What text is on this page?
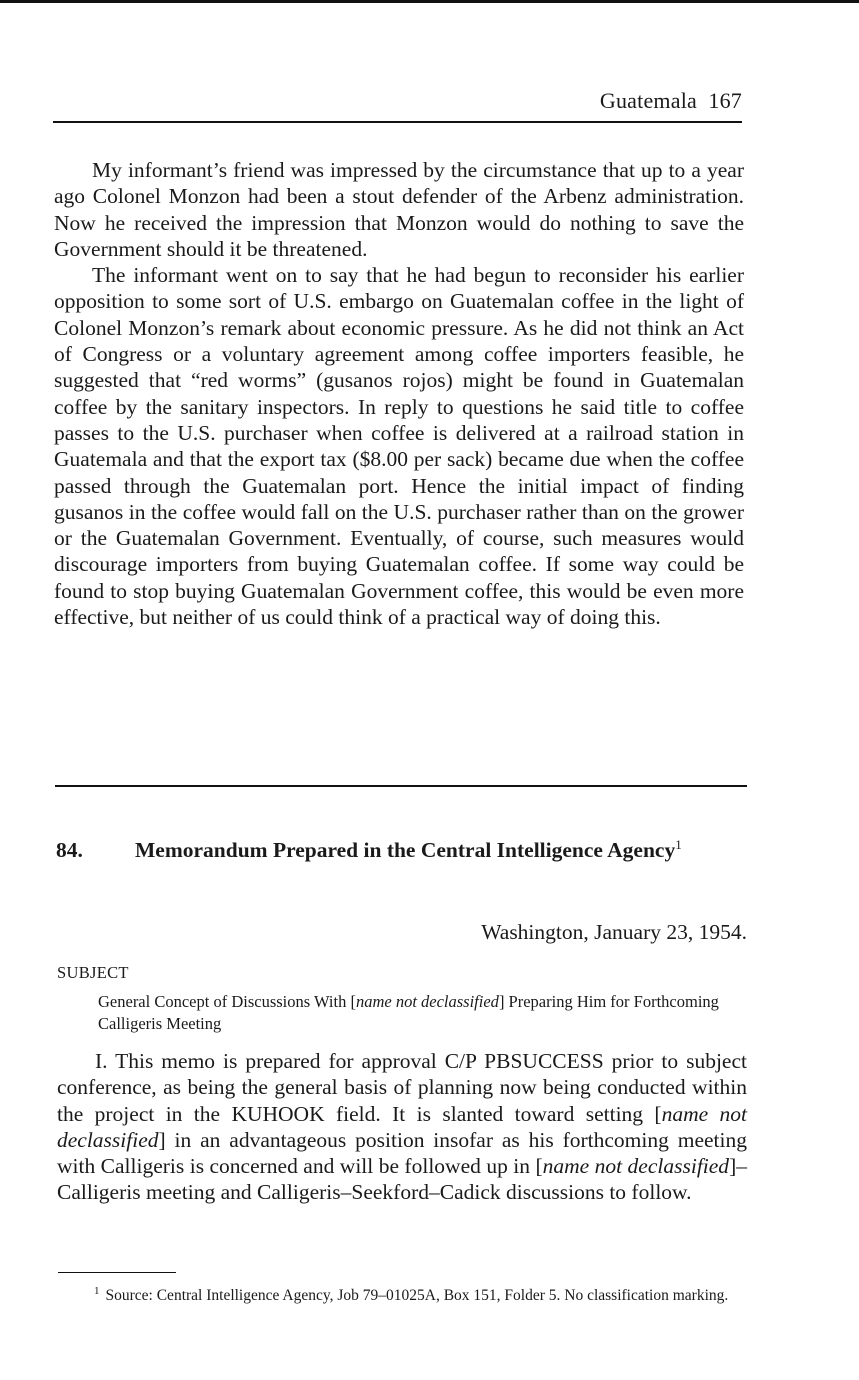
Guatemala 167

My informant’s friend was impressed by the circumstance that up to a year ago Colonel Monzon had been a stout defender of the Arbenz administration. Now he received the impression that Monzon would do nothing to save the Government should it be threatened.

The informant went on to say that he had begun to reconsider his earlier opposition to some sort of U.S. embargo on Guatemalan coffee in the light of Colonel Monzon’s remark about economic pressure. As he did not think an Act of Congress or a voluntary agreement among coffee importers feasible, he suggested that “red worms” (gusanos rojos) might be found in Guatemalan coffee by the sanitary inspectors. In reply to questions he said title to coffee passes to the U.S. purchaser when coffee is delivered at a railroad station in Guatemala and that the export tax ($8.00 per sack) became due when the coffee passed through the Guatemalan port. Hence the initial impact of finding gusanos in the coffee would fall on the U.S. purchaser rather than on the grower or the Guatemalan Government. Eventually, of course, such measures would discourage importers from buying Guatemalan coffee. If some way could be found to stop buying Guatemalan Government coffee, this would be even more effective, but neither of us could think of a practical way of doing this.

84. Memorandum Prepared in the Central Intelligence Agency$^1$
Washington, January 23, 1954.
SUBJECT
General Concept of Discussions With [name not declassified] Preparing Him for Forthcoming Calligeris Meeting

I. This memo is prepared for approval C/P PBSUCCESS prior to subject conference, as being the general basis of planning now being conducted within the project in the KUHOOK field. It is slanted toward setting [name not declassified] in an advantageous position insofar as his forthcoming meeting with Calligeris is concerned and will be followed up in [name not declassified]–Calligeris meeting and Calligeris–Seekford–Cadick discussions to follow.

$^1$ Source: Central Intelligence Agency, Job 79–01025A, Box 151, Folder 5. No classification marking.
